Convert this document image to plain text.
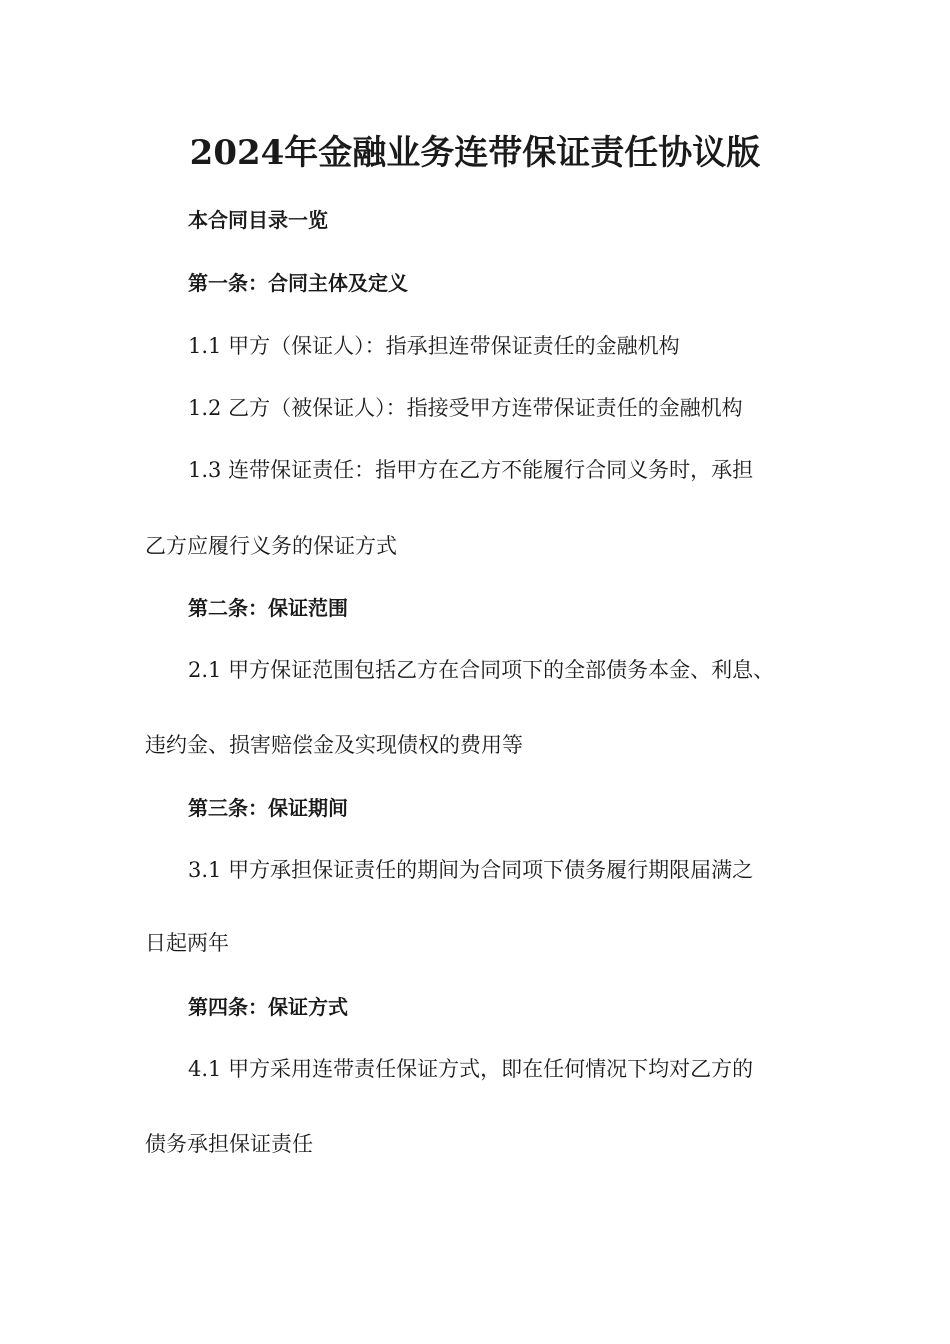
2024年金融业务连带保证责任协议版
本合同目录一览
第一条：合同主体及定义
1.1 甲方（保证人）：指承担连带保证责任的金融机构
1.2 乙方（被保证人）：指接受甲方连带保证责任的金融机构
1.3 连带保证责任：指甲方在乙方不能履行合同义务时，承担
乙方应履行义务的保证方式
第二条：保证范围
2.1 甲方保证范围包括乙方在合同项下的全部债务本金、利息、
违约金、损害赔偿金及实现债权的费用等
第三条：保证期间
3.1 甲方承担保证责任的期间为合同项下债务履行期限届满之
日起两年
第四条：保证方式
4.1 甲方采用连带责任保证方式，即在任何情况下均对乙方的
债务承担保证责任
